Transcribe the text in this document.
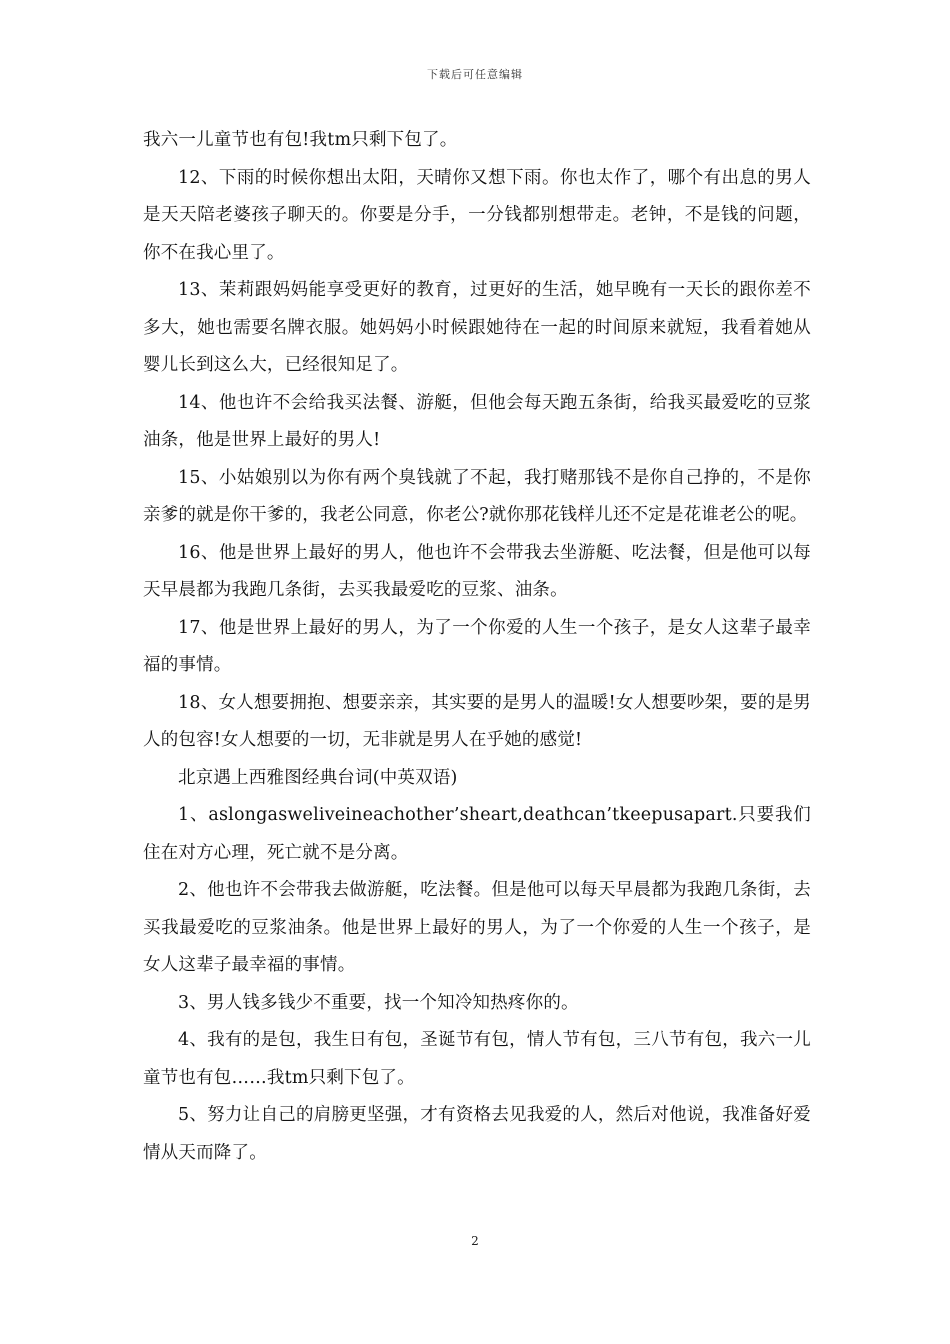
下载后可任意编辑

我六一儿童节也有包!我tm只剩下包了。

12、下雨的时候你想出太阳，天晴你又想下雨。你也太作了，哪个有出息的男人是天天陪老婆孩子聊天的。你要是分手，一分钱都别想带走。老钟，不是钱的问题，你不在我心里了。

13、茉莉跟妈妈能享受更好的教育，过更好的生活，她早晚有一天长的跟你差不多大，她也需要名牌衣服。她妈妈小时候跟她待在一起的时间原来就短，我看着她从婴儿长到这么大，已经很知足了。

14、他也许不会给我买法餐、游艇，但他会每天跑五条街，给我买最爱吃的豆浆油条，他是世界上最好的男人!

15、小姑娘别以为你有两个臭钱就了不起，我打赌那钱不是你自己挣的，不是你亲爹的就是你干爹的，我老公同意，你老公?就你那花钱样儿还不定是花谁老公的呢。

16、他是世界上最好的男人，他也许不会带我去坐游艇、吃法餐，但是他可以每天早晨都为我跑几条街，去买我最爱吃的豆浆、油条。

17、他是世界上最好的男人，为了一个你爱的人生一个孩子，是女人这辈子最幸福的事情。

18、女人想要拥抱、想要亲亲，其实要的是男人的温暖!女人想要吵架，要的是男人的包容!女人想要的一切，无非就是男人在乎她的感觉!

北京遇上西雅图经典台词(中英双语)

1、aslongasweliveineachother’sheart,deathcan’tkeepusapart.只要我们住在对方心理，死亡就不是分离。

2、他也许不会带我去做游艇，吃法餐。但是他可以每天早晨都为我跑几条街，去买我最爱吃的豆浆油条。他是世界上最好的男人，为了一个你爱的人生一个孩子，是女人这辈子最幸福的事情。

3、男人钱多钱少不重要，找一个知冷知热疼你的。

4、我有的是包，我生日有包，圣诞节有包，情人节有包，三八节有包，我六一儿童节也有包……我tm只剩下包了。

5、努力让自己的肩膀更坚强，才有资格去见我爱的人，然后对他说，我准备好爱情从天而降了。

2
